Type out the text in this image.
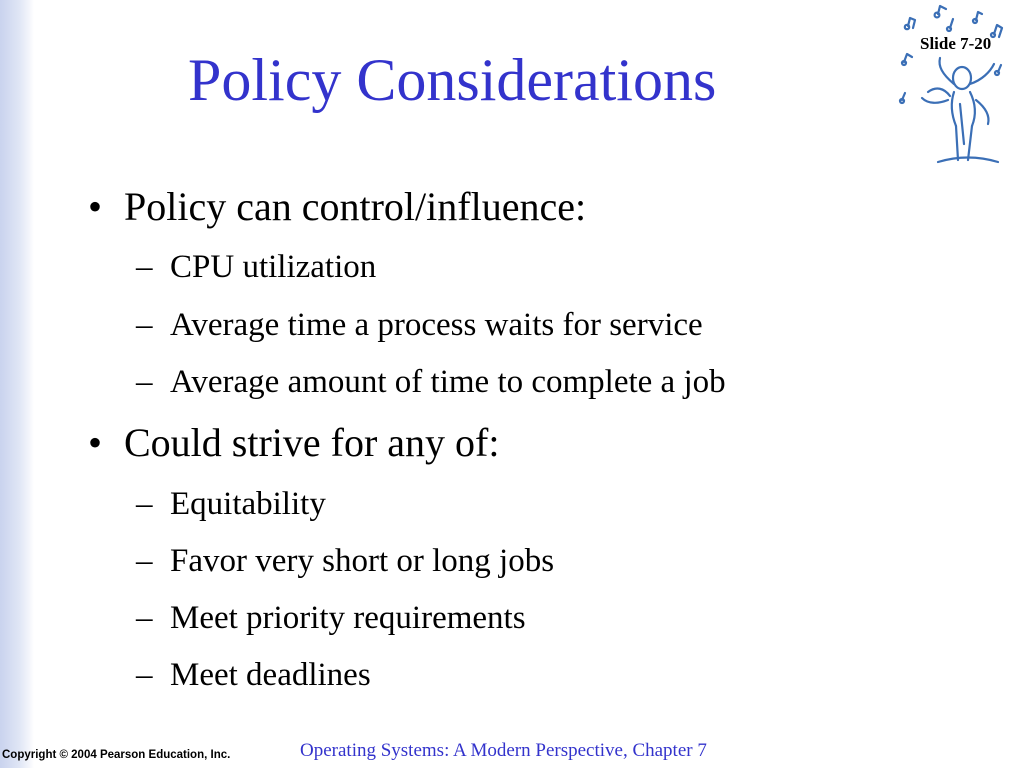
Policy Considerations
Slide 7-20
• Policy can control/influence:
– CPU utilization
– Average time a process waits for service
– Average amount of time to complete a job
• Could strive for any of:
– Equitability
– Favor very short or long jobs
– Meet priority requirements
– Meet deadlines
Copyright © 2004 Pearson Education, Inc.	Operating Systems: A Modern Perspective, Chapter 7
